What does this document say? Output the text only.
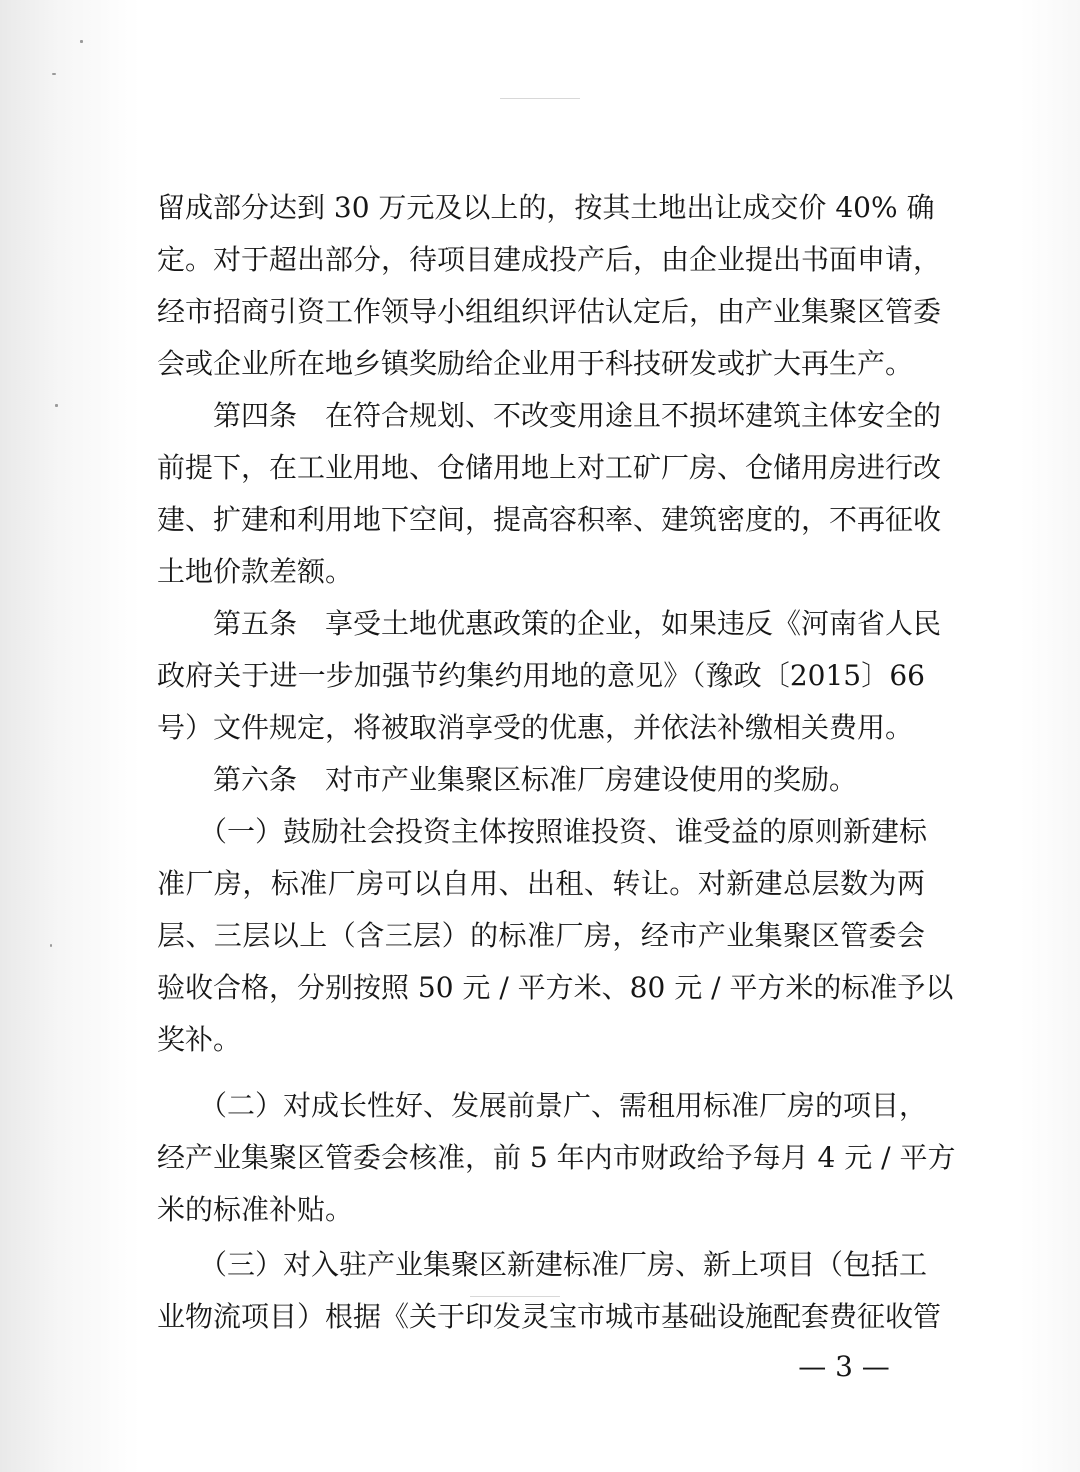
留成部分达到 30 万元及以上的，按其土地出让成交价 40% 确
定。对于超出部分，待项目建成投产后，由企业提出书面申请，
经市招商引资工作领导小组组织评估认定后，由产业集聚区管委
会或企业所在地乡镇奖励给企业用于科技研发或扩大再生产。
　　第四条　在符合规划、不改变用途且不损坏建筑主体安全的
前提下，在工业用地、仓储用地上对工矿厂房、仓储用房进行改
建、扩建和利用地下空间，提高容积率、建筑密度的，不再征收
土地价款差额。
　　第五条　享受土地优惠政策的企业，如果违反《河南省人民
政府关于进一步加强节约集约用地的意见》（豫政〔2015〕66
号）文件规定，将被取消享受的优惠，并依法补缴相关费用。
　　第六条　对市产业集聚区标准厂房建设使用的奖励。
　　（一）鼓励社会投资主体按照谁投资、谁受益的原则新建标
准厂房，标准厂房可以自用、出租、转让。对新建总层数为两
层、三层以上（含三层）的标准厂房，经市产业集聚区管委会
验收合格，分别按照 50 元 / 平方米、80 元 / 平方米的标准予以
奖补。
　　（二）对成长性好、发展前景广、需租用标准厂房的项目，
经产业集聚区管委会核准，前 5 年内市财政给予每月 4 元 / 平方
米的标准补贴。
　　（三）对入驻产业集聚区新建标准厂房、新上项目（包括工
业物流项目）根据《关于印发灵宝市城市基础设施配套费征收管
— 3 —
